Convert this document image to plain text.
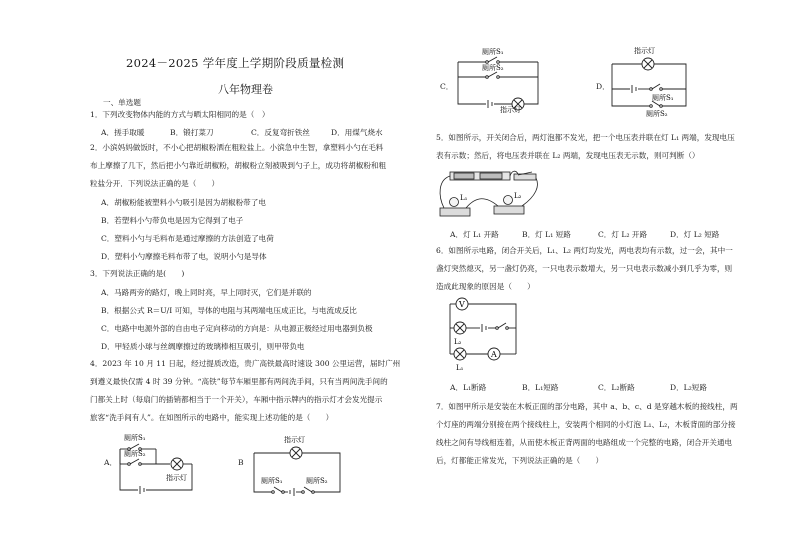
2024－2025 学年度上学期阶段质量检测
八年物理卷
一、单选题
1．下列改变物体内能的方式与晒太阳相同的是（　）
A．搓手取暖	B．锻打菜刀	C．反复弯折铁丝	D．用煤气烧水
2．小滨妈妈做饭时，不小心把胡椒粉洒在粗粒盐上。小滨急中生智，拿塑料小勺在毛料
布上摩擦了几下，然后把小勺靠近胡椒粉，胡椒粉立刻被吸到勺子上，成功将胡椒粉和粗
粒盐分开．下列说法正确的是（　　）
A．胡椒粉能被塑料小勺吸引是因为胡椒粉带了电
B．若塑料小勺带负电是因为它得到了电子
C．塑料小勺与毛料布是通过摩擦的方法创造了电荷
D．塑料小勺摩擦毛料布带了电，说明小勺是导体
3．下列说法正确的是(　　)
A．马路两旁的路灯，晚上同时亮，早上同时灭，它们是并联的
B．根据公式 R＝U/I 可知，导体的电阻与其两端电压成正比，与电流成反比
C．电路中电源外部的自由电子定向移动的方向是：从电源正极经过用电器到负极
D．甲轻质小球与丝绸摩擦过的玻璃棒相互吸引，则甲带负电
4．2023 年 10 月 11 日起，经过提质改造，贵广高铁最高时速设 300 公里运营，届时广州
到遵义最快仅需 4 时 39 分钟。“高铁”每节车厢里都有两间洗手间，只有当两间洗手间的
门都关上时（每扇门的插销都相当于一个开关），车厢中指示牌内的指示灯才会发光提示
旅客“洗手间有人”。在如图所示的电路中，能实现上述功能的是（　　）
A．
厕所S₁
厕所S₂
指示灯
B
指示灯
厕所S₁	厕所S₂
C．
厕所S₁
厕所S₂
指示灯
D．
指示灯
厕所S₁
厕所S₂
5．如图所示，开关闭合后，两灯泡都不发光，把一个电压表并联在灯 L₁ 两端，发现电压
表有示数；然后，将电压表并联在 L₂ 两端，发现电压表无示数，则可判断（）
L₁	L₂
A．灯 L₁ 开路	B．灯 L₁ 短路	C．灯 L₂ 开路	D．灯 L₂ 短路
6．如图所示电路，闭合开关后，L₁、L₂ 两灯均发光，两电表均有示数，过一会，其中一
盏灯突然熄灭，另一盏灯仍亮，一只电表示数增大，另一只电表示数减小到几乎为零，则
造成此现象的原因是（　　）
V
A
L₂
L₁
A．L₁断路	B．L₁短路	C．L₂断路	D．L₂短路
7．如图甲所示是安装在木板正面的部分电路，其中 a、b、c、d 是穿越木板的接线柱，两
个灯座的两端分别接在两个接线柱上，安装两个相同的小灯泡 L₁、L₂，木板背面的部分接
线柱之间有导线相连着，从而使木板正背两面的电路组成一个完整的电路，闭合开关通电
后，灯都能正常发光，下列说法正确的是（　　）
